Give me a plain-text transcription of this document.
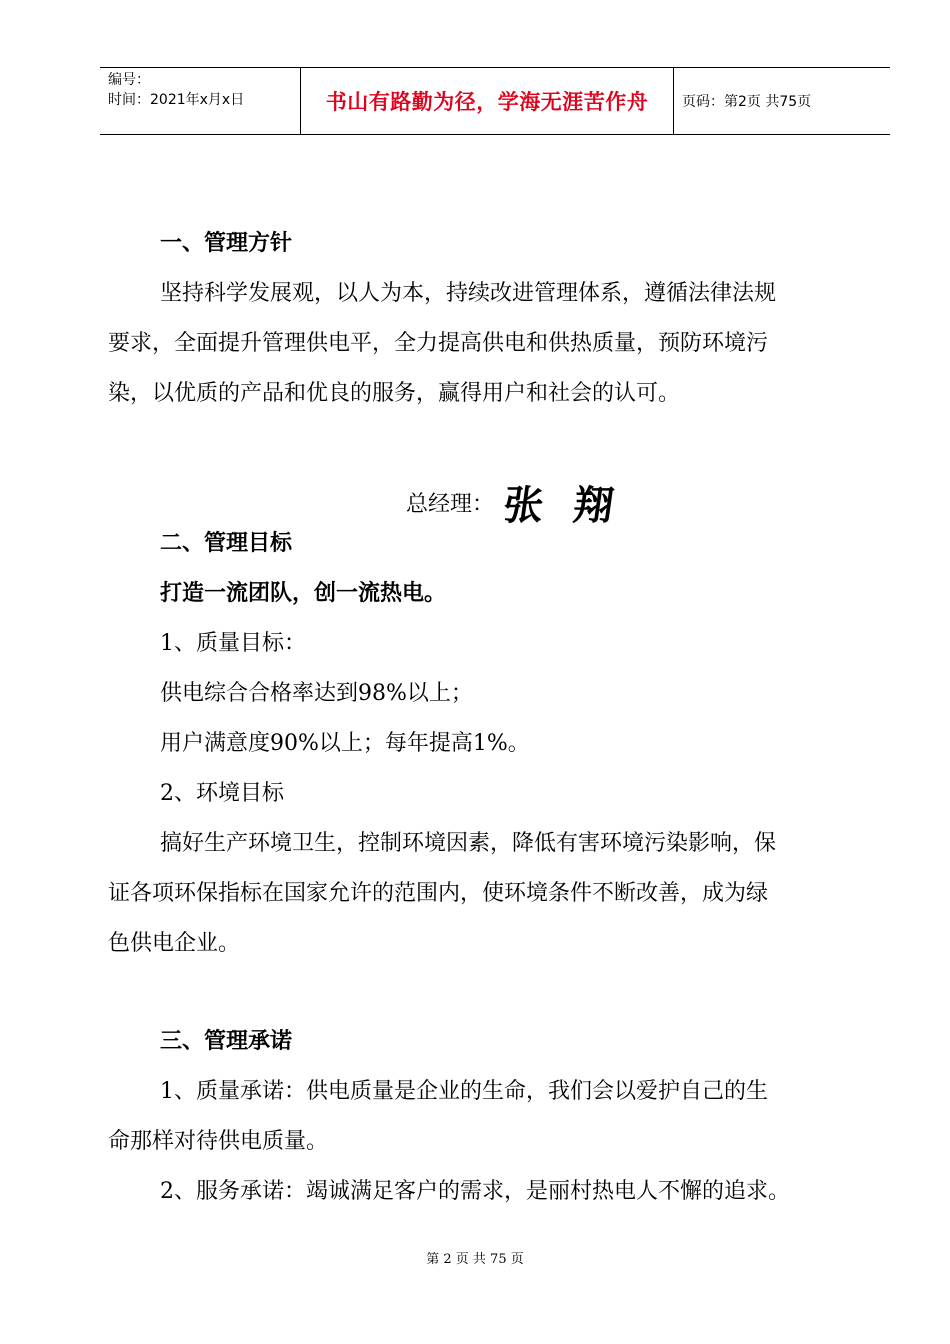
编号：
时间：2021年x月x日	书山有路勤为径，学海无涯苦作舟	页码：第2页 共75页
一、管理方针
坚持科学发展观，以人为本，持续改进管理体系，遵循法律法规
要求，全面提升管理供电平，全力提高供电和供热质量，预防环境污
染，以优质的产品和优良的服务，赢得用户和社会的认可。
总经理： 张翔
二、管理目标
打造一流团队，创一流热电。
1、质量目标：
供电综合合格率达到98%以上；
用户满意度90%以上；每年提高1%。
2、环境目标
搞好生产环境卫生，控制环境因素，降低有害环境污染影响，保
证各项环保指标在国家允许的范围内，使环境条件不断改善，成为绿
色供电企业。
三、管理承诺
1、质量承诺：供电质量是企业的生命，我们会以爱护自己的生
命那样对待供电质量。
2、服务承诺：竭诚满足客户的需求，是丽村热电人不懈的追求。
第 2 页 共 75 页
